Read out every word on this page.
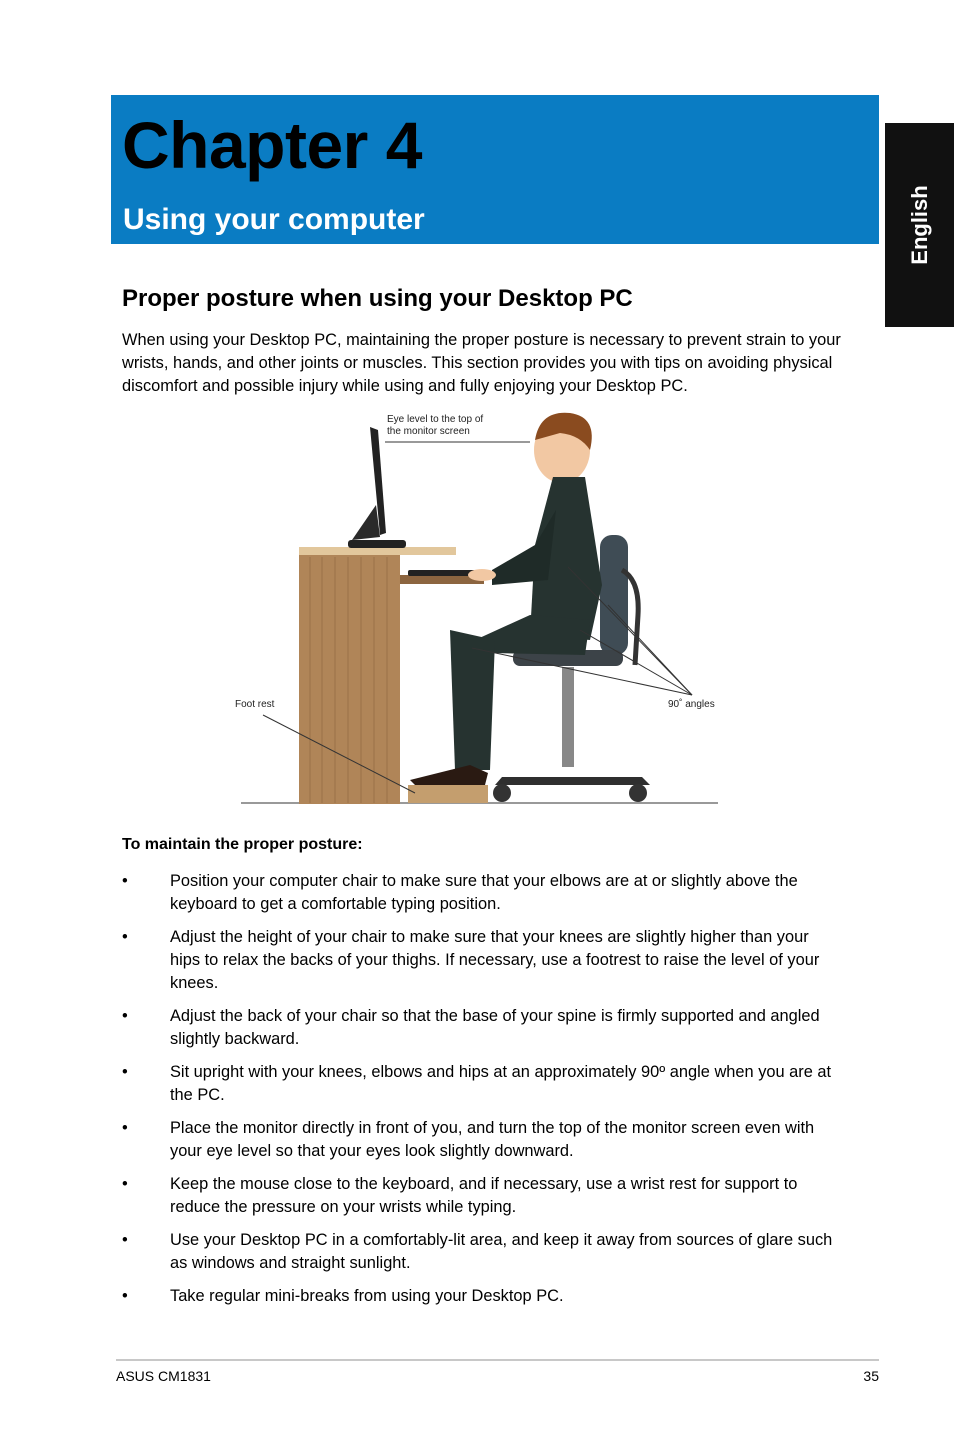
Chapter 4
Using your computer	English
Proper posture when using your Desktop PC

When using your Desktop PC, maintaining the proper posture is necessary to prevent strain to your wrists, hands, and other joints or muscles. This section provides you with tips on avoiding physical discomfort and possible injury while using and fully enjoying your Desktop PC.

Eye level to the top of
the monitor screen
Foot rest	90˚ angles
To maintain the proper posture:
•	Position your computer chair to make sure that your elbows are at or slightly above the keyboard to get a comfortable typing position.
•	Adjust the height of your chair to make sure that your knees are slightly higher than your hips to relax the backs of your thighs. If necessary, use a footrest to raise the level of your knees.
•	Adjust the back of your chair so that the base of your spine is firmly supported and angled slightly backward.
•	Sit upright with your knees, elbows and hips at an approximately 90º angle when you are at the PC.
•	Place the monitor directly in front of you, and turn the top of the monitor screen even with your eye level so that your eyes look slightly downward.
•	Keep the mouse close to the keyboard, and if necessary, use a wrist rest for support to reduce the pressure on your wrists while typing.
•	Use your Desktop PC in a comfortably-lit area, and keep it away from sources of glare such as windows and straight sunlight.
•	Take regular mini-breaks from using your Desktop PC.
ASUS CM1831	35
